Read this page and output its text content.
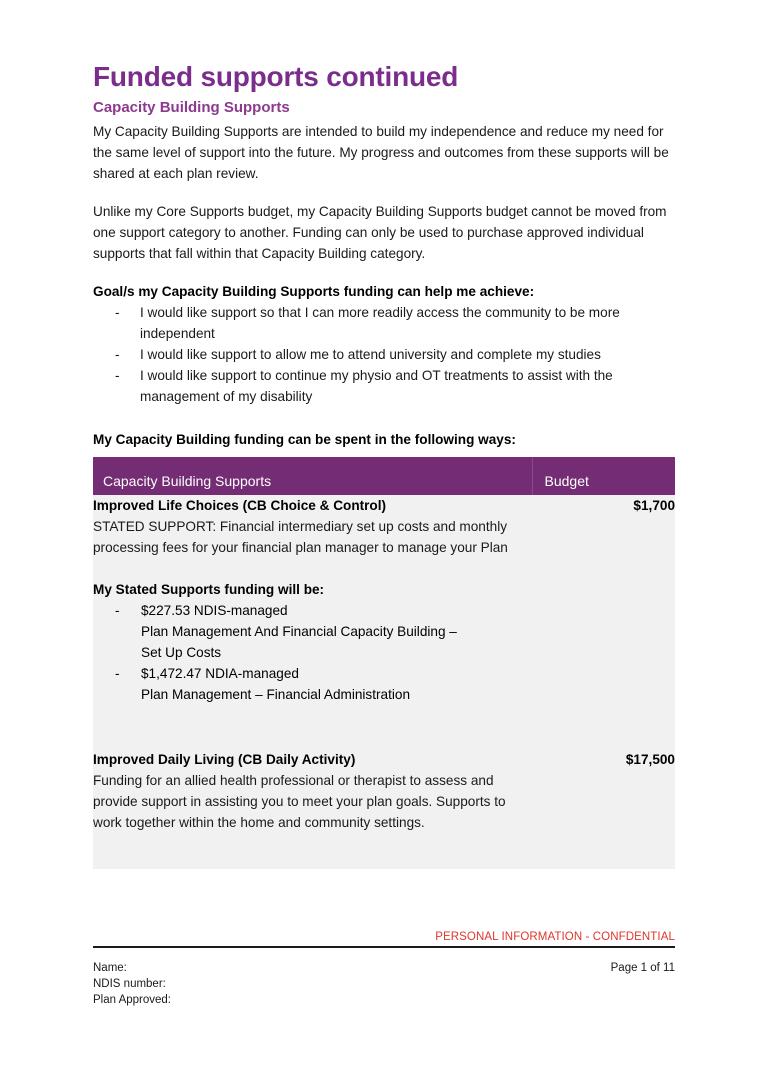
Funded supports continued
Capacity Building Supports

My Capacity Building Supports are intended to build my independence and reduce my need for the same level of support into the future. My progress and outcomes from these supports will be shared at each plan review.

Unlike my Core Supports budget, my Capacity Building Supports budget cannot be moved from one support category to another. Funding can only be used to purchase approved individual supports that fall within that Capacity Building category.

Goal/s my Capacity Building Supports funding can help me achieve:

- I would like support so that I can more readily access the community to be more independent
- I would like support to allow me to attend university and complete my studies
- I would like support to continue my physio and OT treatments to assist with the management of my disability

My Capacity Building funding can be spent in the following ways:

Capacity Building Supports	Budget

Improved Life Choices (CB Choice & Control)

STATED SUPPORT: Financial intermediary set up costs and monthly processing fees for your financial plan manager to manage your Plan

My Stated Supports funding will be:

- $227.53 NDIS-managed
Plan Management And Financial Capacity Building –
Set Up Costs
- $1,472.47 NDIA-managed
Plan Management – Financial Administration
	$1,700

Improved Daily Living (CB Daily Activity)

Funding for an allied health professional or therapist to assess and provide support in assisting you to meet your plan goals. Supports to work together within the home and community settings.	$17,500

PERSONAL INFORMATION - CONFDENTIAL
Name:
NDIS number:
Plan Approved:
Page 1 of 11
